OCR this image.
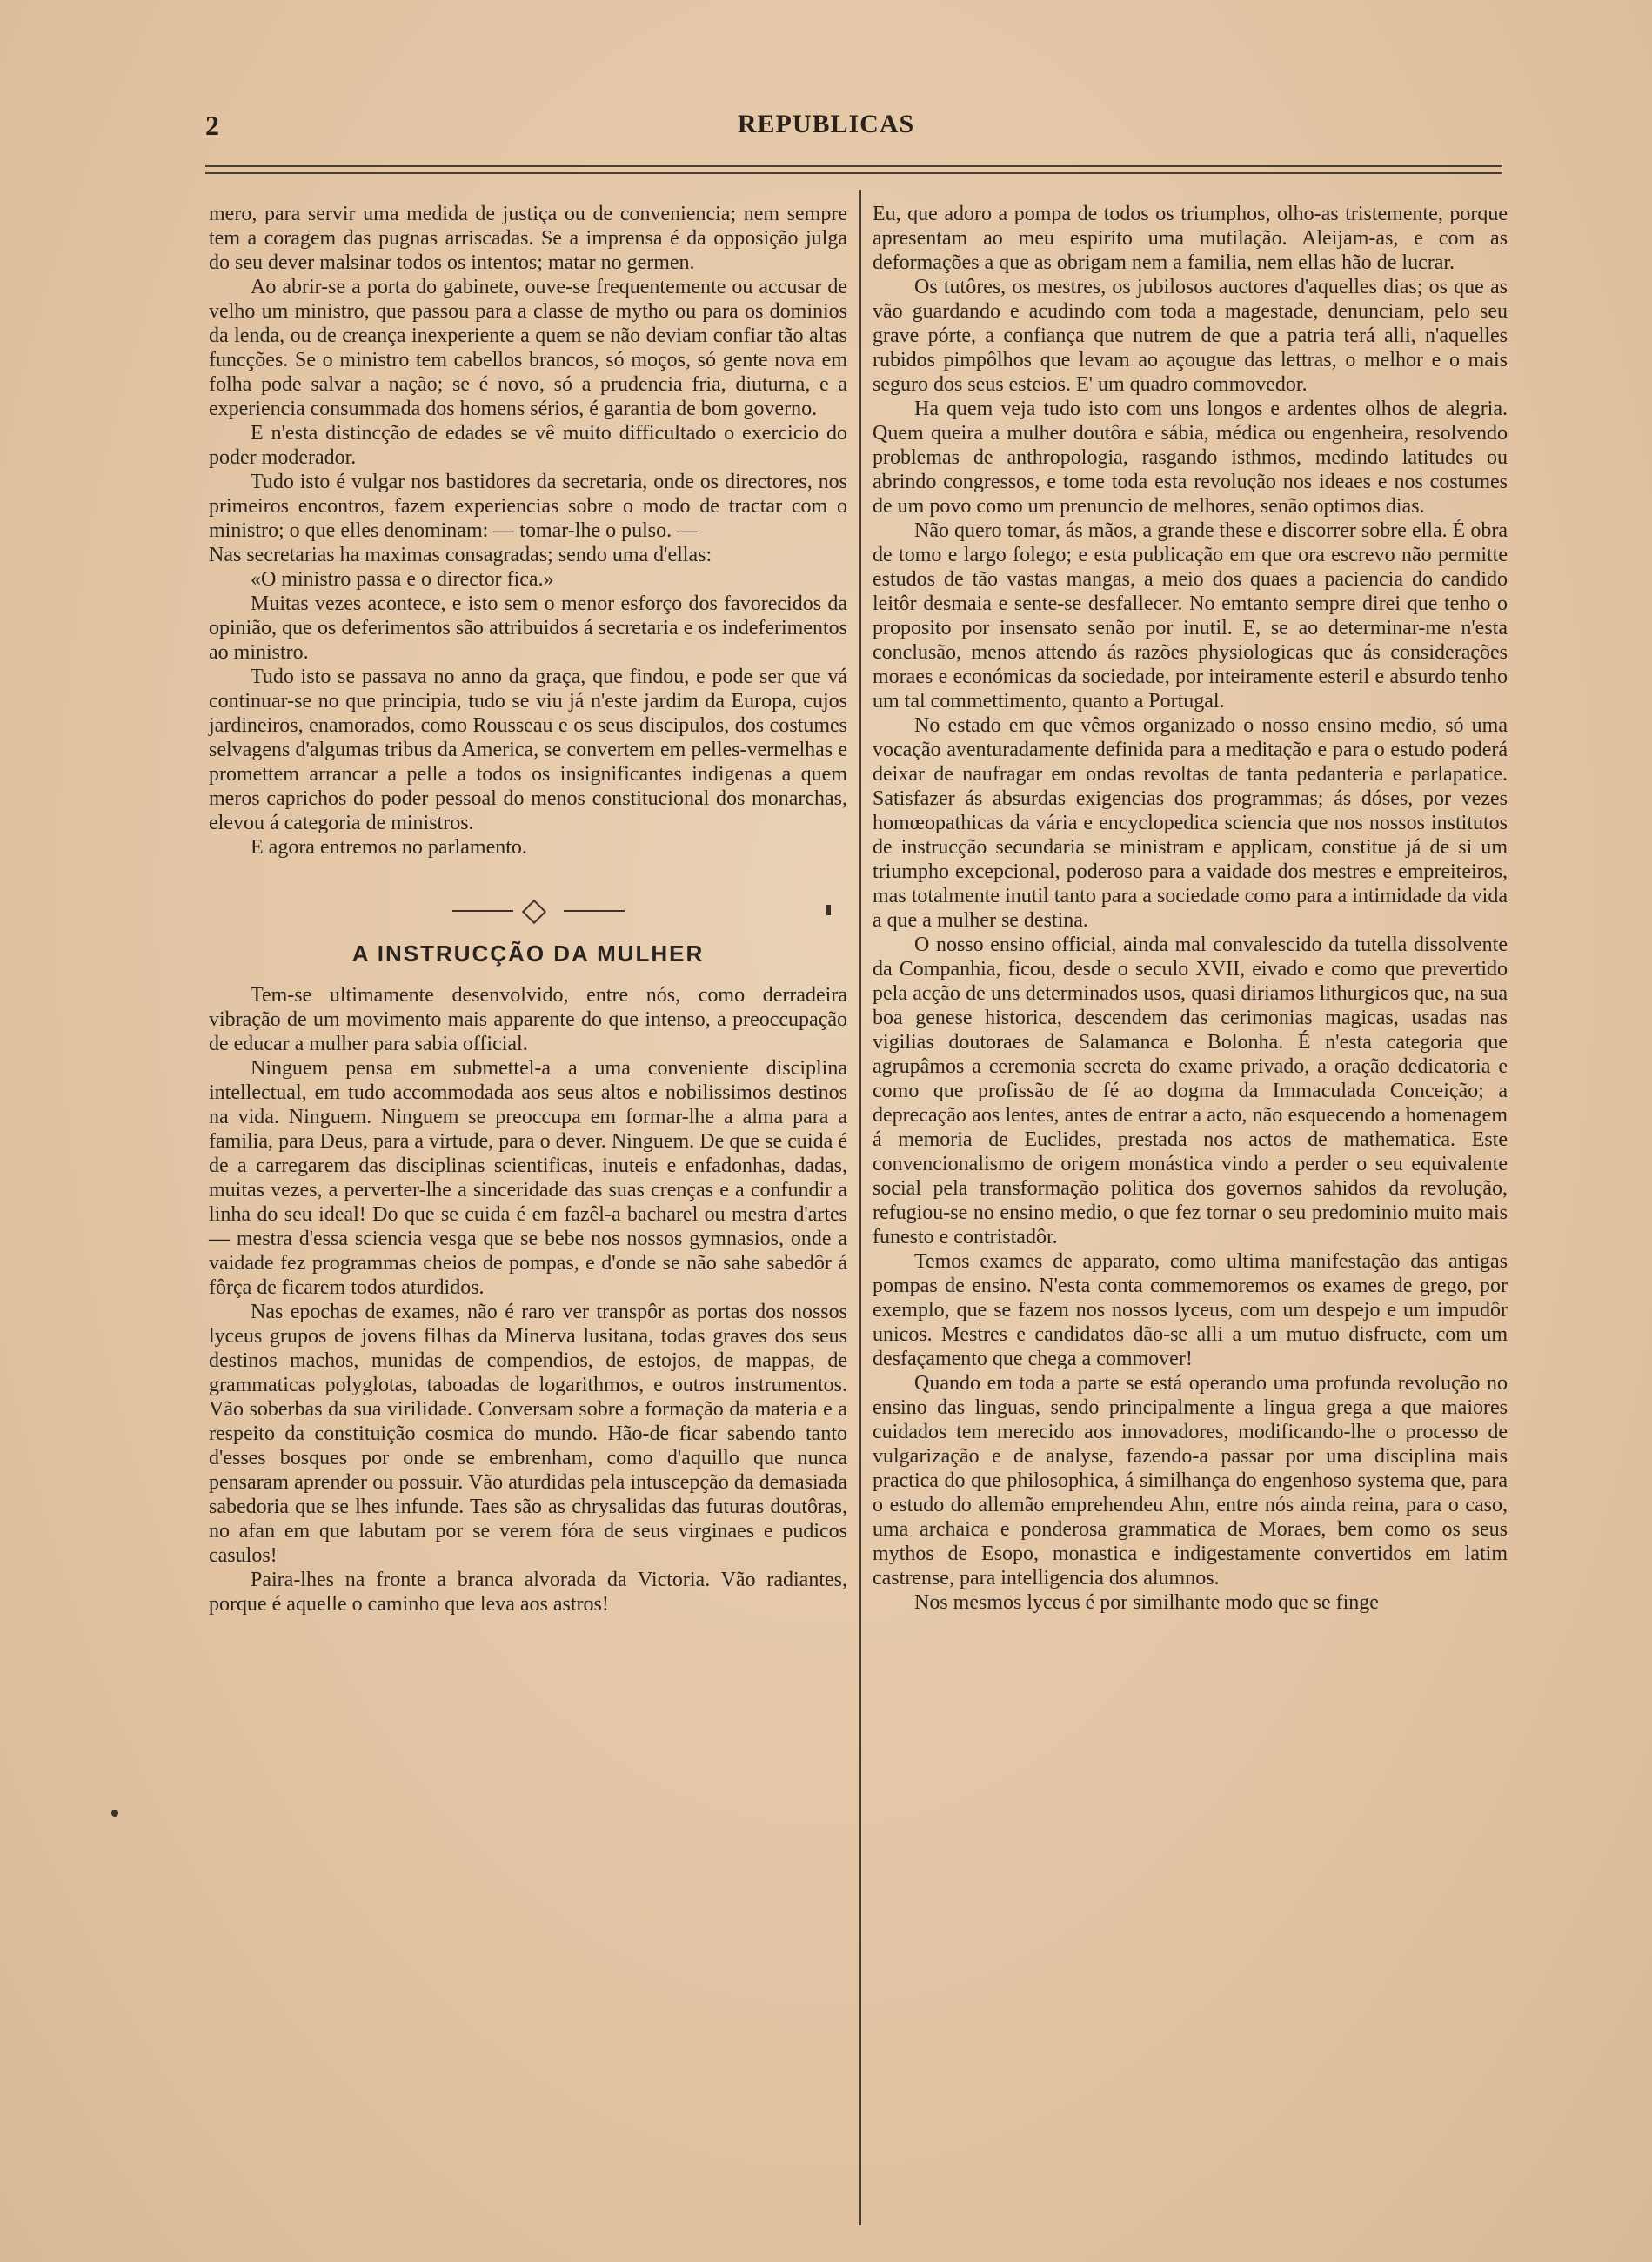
2	REPUBLICAS

mero, para servir uma medida de justiça ou de conveniencia; nem sempre tem a coragem das pugnas arriscadas. Se a imprensa é da opposição julga do seu dever malsinar todos os intentos; matar no germen.

Ao abrir-se a porta do gabinete, ouve-se frequentemente ou accusar de velho um ministro, que passou para a classe de mytho ou para os dominios da lenda, ou de creança inexperiente a quem se não deviam confiar tão altas funcções. Se o ministro tem cabellos brancos, só moços, só gente nova em folha pode salvar a nação; se é novo, só a prudencia fria, diuturna, e a experiencia consummada dos homens sérios, é garantia de bom governo.

E n'esta distincção de edades se vê muito difficultado o exercicio do poder moderador.

Tudo isto é vulgar nos bastidores da secretaria, onde os directores, nos primeiros encontros, fazem experiencias sobre o modo de tractar com o ministro; o que elles denominam: — tomar-lhe o pulso. —

Nas secretarias ha maximas consagradas; sendo uma d'ellas:

«O ministro passa e o director fica.»

Muitas vezes acontece, e isto sem o menor esforço dos favorecidos da opinião, que os deferimentos são attribuidos á secretaria e os indeferimentos ao ministro.

Tudo isto se passava no anno da graça, que findou, e pode ser que vá continuar-se no que principia, tudo se viu já n'este jardim da Europa, cujos jardineiros, enamorados, como Rousseau e os seus discipulos, dos costumes selvagens d'algumas tribus da America, se convertem em pelles-vermelhas e promettem arrancar a pelle a todos os insignificantes indigenas a quem meros caprichos do poder pessoal do menos constitucional dos monarchas, elevou á categoria de ministros.

E agora entremos no parlamento.

A INSTRUCÇÃO DA MULHER

Tem-se ultimamente desenvolvido, entre nós, como derradeira vibração de um movimento mais apparente do que intenso, a preoccupação de educar a mulher para sabia official.

Ninguem pensa em submettel-a a uma conveniente disciplina intellectual, em tudo accommodada aos seus altos e nobilissimos destinos na vida. Ninguem. Ninguem se preoccupa em formar-lhe a alma para a familia, para Deus, para a virtude, para o dever. Ninguem. De que se cuida é de a carregarem das disciplinas scientificas, inuteis e enfadonhas, dadas, muitas vezes, a perverter-lhe a sinceridade das suas crenças e a confundir a linha do seu ideal! Do que se cuida é em fazêl-a bacharel ou mestra d'artes — mestra d'essa sciencia vesga que se bebe nos nossos gymnasios, onde a vaidade fez programmas cheios de pompas, e d'onde se não sahe sabedôr á fôrça de ficarem todos aturdidos.

Nas epochas de exames, não é raro ver transpôr as portas dos nossos lyceus grupos de jovens filhas da Minerva lusitana, todas graves dos seus destinos machos, munidas de compendios, de estojos, de mappas, de grammaticas polyglotas, taboadas de logarithmos, e outros instrumentos. Vão soberbas da sua virilidade. Conversam sobre a formação da materia e a respeito da constituição cosmica do mundo. Hão-de ficar sabendo tanto d'esses bosques por onde se embrenham, como d'aquillo que nunca pensaram aprender ou possuir. Vão aturdidas pela intuscepção da demasiada sabedoria que se lhes infunde. Taes são as chrysalidas das futuras doutôras, no afan em que labutam por se verem fóra de seus virginaes e pudicos casulos!

Paira-lhes na fronte a branca alvorada da Victoria. Vão radiantes, porque é aquelle o caminho que leva aos astros!

Eu, que adoro a pompa de todos os triumphos, olho-as tristemente, porque apresentam ao meu espirito uma mutilação. Aleijam-as, e com as deformações a que as obrigam nem a familia, nem ellas hão de lucrar.

Os tutôres, os mestres, os jubilosos auctores d'aquelles dias; os que as vão guardando e acudindo com toda a magestade, denunciam, pelo seu grave pórte, a confiança que nutrem de que a patria terá alli, n'aquelles rubidos pimpôlhos que levam ao açougue das lettras, o melhor e o mais seguro dos seus esteios. E' um quadro commovedor.

Ha quem veja tudo isto com uns longos e ardentes olhos de alegria. Quem queira a mulher doutôra e sábia, médica ou engenheira, resolvendo problemas de anthropologia, rasgando isthmos, medindo latitudes ou abrindo congressos, e tome toda esta revolução nos ideaes e nos costumes de um povo como um prenuncio de melhores, senão optimos dias.

Não quero tomar, ás mãos, a grande these e discorrer sobre ella. É obra de tomo e largo folego; e esta publicação em que ora escrevo não permitte estudos de tão vastas mangas, a meio dos quaes a paciencia do candido leitôr desmaia e sente-se desfallecer. No emtanto sempre direi que tenho o proposito por insensato senão por inutil. E, se ao determinar-me n'esta conclusão, menos attendo ás razões physiologicas que ás considerações moraes e económicas da sociedade, por inteiramente esteril e absurdo tenho um tal commettimento, quanto a Portugal.

No estado em que vêmos organizado o nosso ensino medio, só uma vocação aventuradamente definida para a meditação e para o estudo poderá deixar de naufragar em ondas revoltas de tanta pedanteria e parlapatice. Satisfazer ás absurdas exigencias dos programmas; ás dóses, por vezes homœopathicas da vária e encyclopedica sciencia que nos nossos institutos de instrucção secundaria se ministram e applicam, constitue já de si um triumpho excepcional, poderoso para a vaidade dos mestres e empreiteiros, mas totalmente inutil tanto para a sociedade como para a intimidade da vida a que a mulher se destina.

O nosso ensino official, ainda mal convalescido da tutella dissolvente da Companhia, ficou, desde o seculo XVII, eivado e como que prevertido pela acção de uns determinados usos, quasi diriamos lithurgicos que, na sua boa genese historica, descendem das cerimonias magicas, usadas nas vigilias doutoraes de Salamanca e Bolonha. É n'esta categoria que agrupâmos a ceremonia secreta do exame privado, a oração dedicatoria e como que profissão de fé ao dogma da Immaculada Conceição; a deprecação aos lentes, antes de entrar a acto, não esquecendo a homenagem á memoria de Euclides, prestada nos actos de mathematica. Este convencionalismo de origem monástica vindo a perder o seu equivalente social pela transformação politica dos governos sahidos da revolução, refugiou-se no ensino medio, o que fez tornar o seu predominio muito mais funesto e contristadôr.

Temos exames de apparato, como ultima manifestação das antigas pompas de ensino. N'esta conta commemoremos os exames de grego, por exemplo, que se fazem nos nossos lyceus, com um despejo e um impudôr unicos. Mestres e candidatos dão-se alli a um mutuo disfructe, com um desfaçamento que chega a commover!

Quando em toda a parte se está operando uma profunda revolução no ensino das linguas, sendo principalmente a lingua grega a que maiores cuidados tem merecido aos innovadores, modificando-lhe o processo de vulgarização e de analyse, fazendo-a passar por uma disciplina mais practica do que philosophica, á similhança do engenhoso systema que, para o estudo do allemão emprehendeu Ahn, entre nós ainda reina, para o caso, uma archaica e ponderosa grammatica de Moraes, bem como os seus mythos de Esopo, monastica e indigestamente convertidos em latim castrense, para intelligencia dos alumnos.

Nos mesmos lyceus é por similhante modo que se finge
